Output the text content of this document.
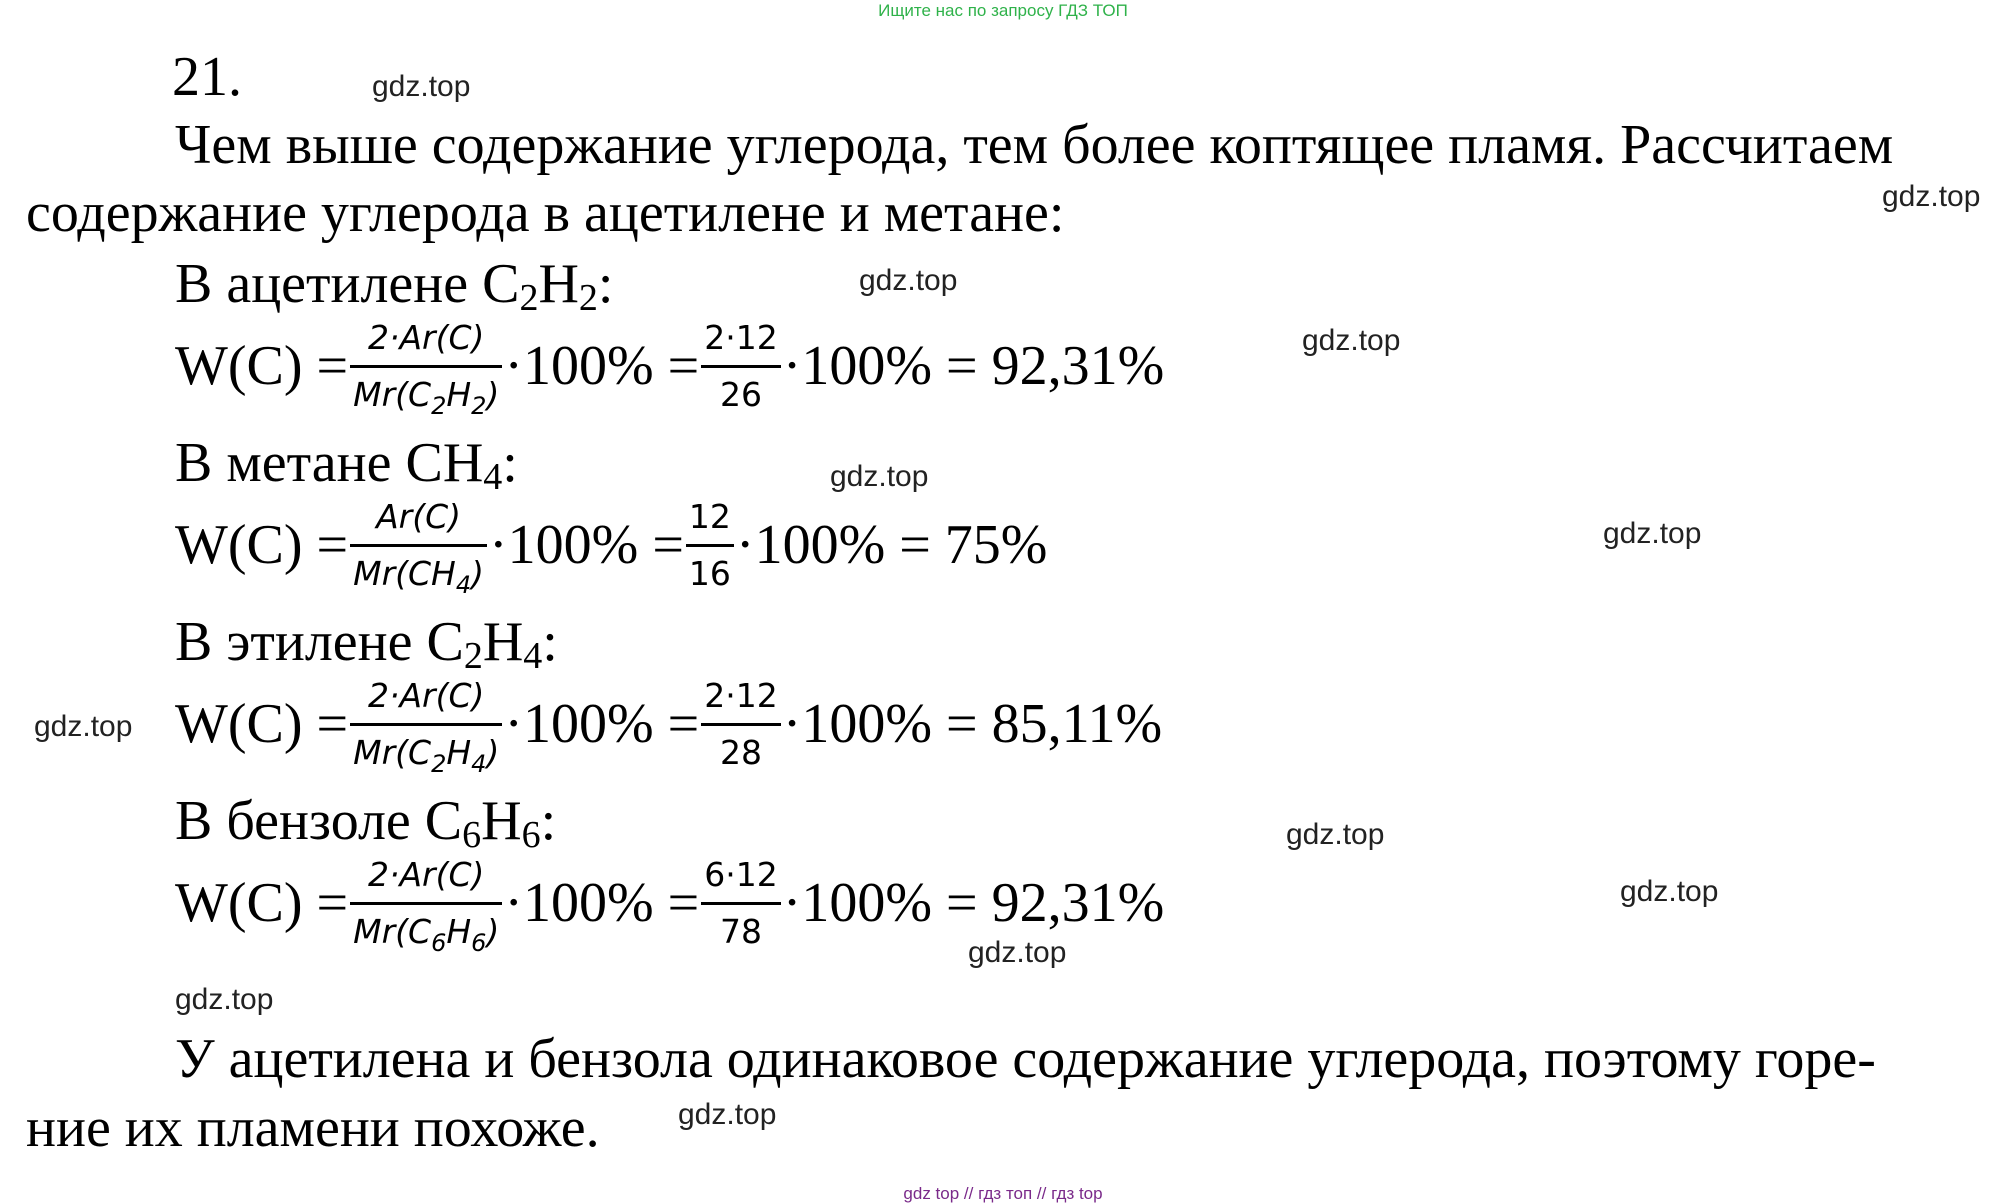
Ищите нас по запросу ГДЗ ТОП
21.
Чем выше содержание углерода, тем более коптящее пламя. Рассчитаем
содержание углерода в ацетилене и метане:
В ацетилене $C_2H_2$:
$W(C) = \frac{2\cdot Ar(C)}{Mr(C_2H_2)} \cdot 100\% = \frac{2\cdot 12}{26} \cdot 100\% = 92,31\%$
В метане $CH_4$:
$W(C) = \frac{Ar(C)}{Mr(CH_4)} \cdot 100\% = \frac{12}{16} \cdot 100\% = 75\%$
В этилене $C_2H_4$:
$W(C) = \frac{2\cdot Ar(C)}{Mr(C_2H_4)} \cdot 100\% = \frac{2\cdot 12}{28} \cdot 100\% = 85,11\%$
В бензоле $C_6H_6$:
$W(C) = \frac{2\cdot Ar(C)}{Mr(C_6H_6)} \cdot 100\% = \frac{6\cdot 12}{78} \cdot 100\% = 92,31\%$
У ацетилена и бензола одинаковое содержание углерода, поэтому горе-
ние их пламени похоже.
gdz.top
gdz.top
gdz.top
gdz.top
gdz.top
gdz.top
gdz.top
gdz.top
gdz.top
gdz.top
gdz.top
gdz.top
gdz top // гдз топ // гдз top
